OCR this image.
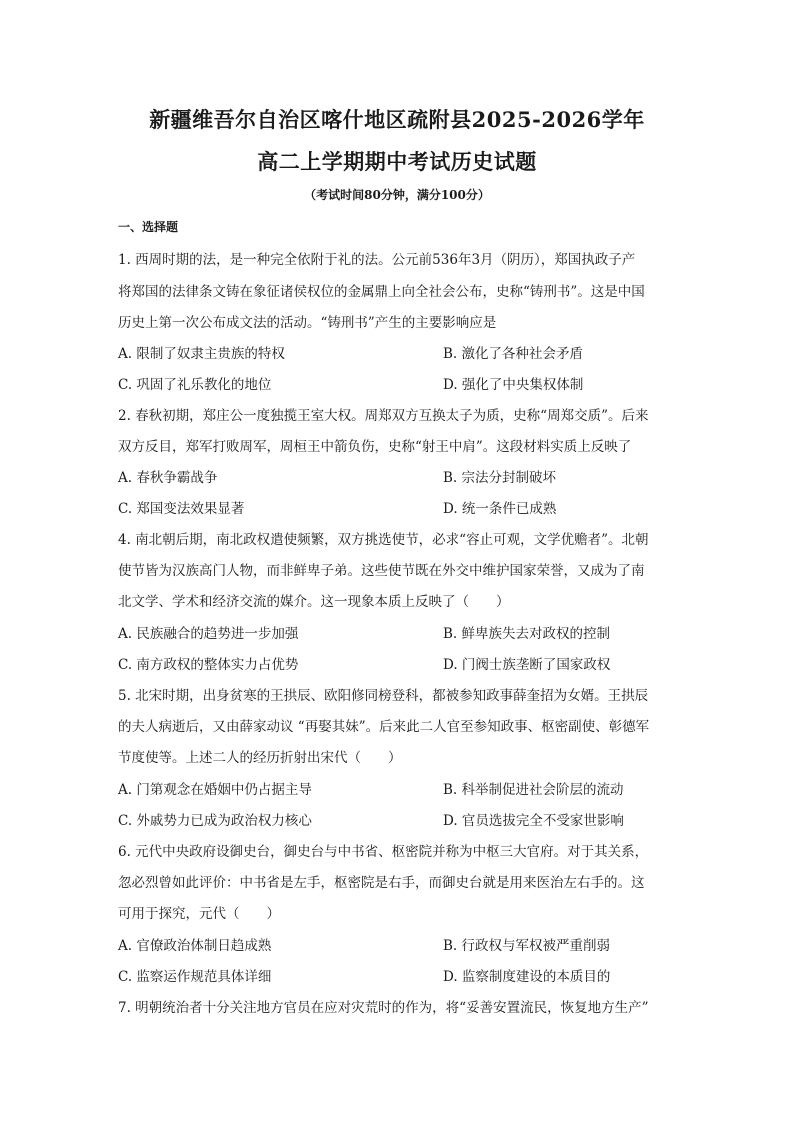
新疆维吾尔自治区喀什地区疏附县2025-2026学年
高二上学期期中考试历史试题
（考试时间80分钟，满分100分）
一、选择题
1. 西周时期的法，是一种完全依附于礼的法。公元前536年3月（阴历），郑国执政子产
将郑国的法律条文铸在象征诸侯权位的金属鼎上向全社会公布，史称“铸刑书”。这是中国
历史上第一次公布成文法的活动。“铸刑书”产生的主要影响应是
A. 限制了奴隶主贵族的特权	B. 激化了各种社会矛盾
C. 巩固了礼乐教化的地位	D. 强化了中央集权体制
2. 春秋初期，郑庄公一度独揽王室大权。周郑双方互换太子为质，史称“周郑交质”。后来
双方反目，郑军打败周军，周桓王中箭负伤，史称“射王中肩”。这段材料实质上反映了
A. 春秋争霸战争	B. 宗法分封制破坏
C. 郑国变法效果显著	D. 统一条件已成熟
4. 南北朝后期，南北政权遣使频繁，双方挑选使节，必求“容止可观，文学优赡者”。北朝
使节皆为汉族高门人物，而非鲜卑子弟。这些使节既在外交中维护国家荣誉，又成为了南
北文学、学术和经济交流的媒介。这一现象本质上反映了（　　）
A. 民族融合的趋势进一步加强	B. 鲜卑族失去对政权的控制
C. 南方政权的整体实力占优势	D. 门阀士族垄断了国家政权
5. 北宋时期，出身贫寒的王拱辰、欧阳修同榜登科，都被参知政事薛奎招为女婿。王拱辰
的夫人病逝后，又由薛家动议 “再娶其妹”。后来此二人官至参知政事、枢密副使、彰德军
节度使等。上述二人的经历折射出宋代（　　）
A. 门第观念在婚姻中仍占据主导	B. 科举制促进社会阶层的流动
C. 外戚势力已成为政治权力核心	D. 官员选拔完全不受家世影响
6. 元代中央政府设御史台，御史台与中书省、枢密院并称为中枢三大官府。对于其关系，
忽必烈曾如此评价：中书省是左手，枢密院是右手，而御史台就是用来医治左右手的。这
可用于探究，元代（　　）
A. 官僚政治体制日趋成熟	B. 行政权与军权被严重削弱
C. 监察运作规范具体详细	D. 监察制度建设的本质目的
7. 明朝统治者十分关注地方官员在应对灾荒时的作为，将“妥善安置流民，恢复地方生产”
